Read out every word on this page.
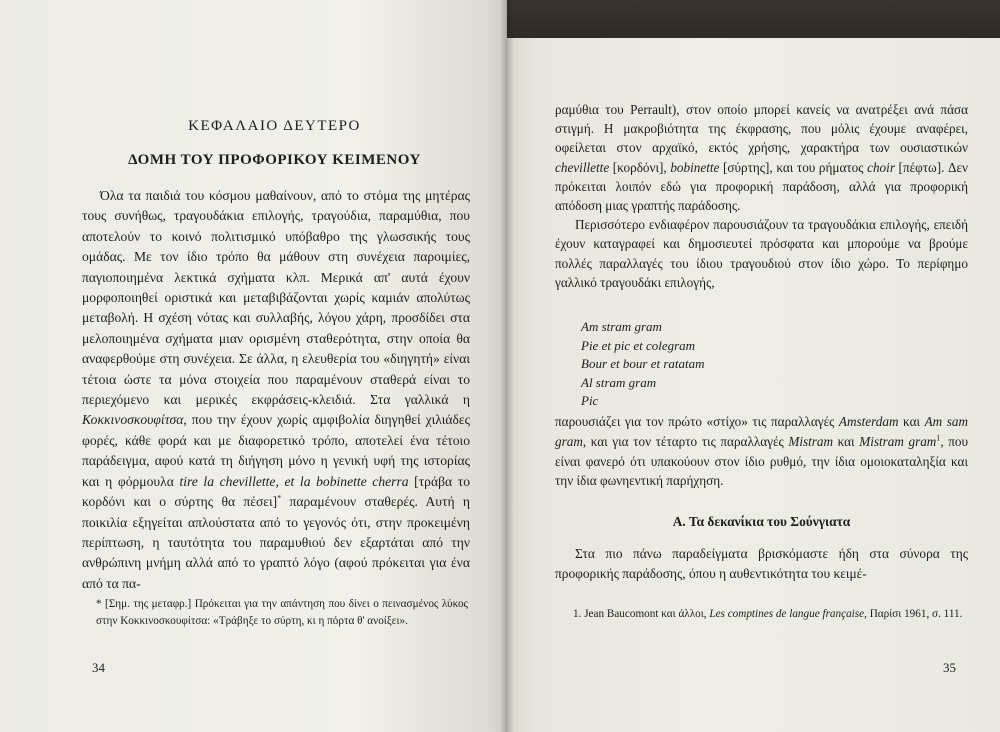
ΚΕΦΑΛΑΙΟ ΔΕΥΤΕΡΟ
ΔΟΜΗ ΤΟΥ ΠΡΟΦΟΡΙΚΟΥ ΚΕΙΜΕΝΟΥ

Όλα τα παιδιά του κόσμου μαθαίνουν, από το στόμα της μητέρας τους συνήθως, τραγουδάκια επιλογής, τραγούδια, παραμύθια, που αποτελούν το κοινό πολιτισμικό υπόβαθρο της γλωσσικής τους ομάδας. Με τον ίδιο τρόπο θα μάθουν στη συνέχεια παροιμίες, παγιοποιημένα λεκτικά σχήματα κλπ. Μερικά απ' αυτά έχουν μορφοποιηθεί οριστικά και μεταβιβάζονται χωρίς καμιάν απολύτως μεταβολή. Η σχέση νότας και συλλαβής, λόγου χάρη, προσδίδει στα μελοποιημένα σχήματα μιαν ορισμένη σταθερότητα, στην οποία θα αναφερθούμε στη συνέχεια. Σε άλλα, η ελευθερία του «διηγητή» είναι τέτοια ώστε τα μόνα στοιχεία που παραμένουν σταθερά είναι το περιεχόμενο και μερικές εκφράσεις-κλειδιά. Στα γαλλικά η Κοκκινοσκουφίτσα, που την έχουν χωρίς αμφιβολία διηγηθεί χιλιάδες φορές, κάθε φορά και με διαφορετικό τρόπο, αποτελεί ένα τέτοιο παράδειγμα, αφού κατά τη διήγηση μόνο η γενική υφή της ιστορίας και η φόρμουλα tire la chevillette, et la bobinette cherra [τράβα το κορδόνι και ο σύρτης θα πέσει]* παραμένουν σταθερές. Αυτή η ποικιλία εξηγείται απλούστατα από το γεγονός ότι, στην προκειμένη περίπτωση, η ταυτότητα του παραμυθιού δεν εξαρτάται από την ανθρώπινη μνήμη αλλά από το γραπτό λόγο (αφού πρόκειται για ένα από τα πα-

* [Σημ. της μεταφρ.] Πρόκειται για την απάντηση που δίνει ο πεινασμένος λύκος στην Κοκκινοσκουφίτσα: «Τράβηξε το σύρτη, κι η πόρτα θ' ανοίξει».
34

ραμύθια του Perrault), στον οποίο μπορεί κανείς να ανατρέξει ανά πάσα στιγμή. Η μακροβιότητα της έκφρασης, που μόλις έχουμε αναφέρει, οφείλεται στον αρχαϊκό, εκτός χρήσης, χαρακτήρα των ουσιαστικών chevillette [κορδόνι], bobinette [σύρτης], και του ρήματος choir [πέφτω]. Δεν πρόκειται λοιπόν εδώ για προφορική παράδοση, αλλά για προφορική απόδοση μιας γραπτής παράδοσης.

Περισσότερο ενδιαφέρον παρουσιάζουν τα τραγουδάκια επιλογής, επειδή έχουν καταγραφεί και δημοσιευτεί πρόσφατα και μπορούμε να βρούμε πολλές παραλλαγές του ίδιου τραγουδιού στον ίδιο χώρο. Το περίφημο γαλλικό τραγουδάκι επιλογής,

Am stram gram
Pie et pic et colegram
Bour et bour et ratatam
Al stram gram
Pic

παρουσιάζει για τον πρώτο «στίχο» τις παραλλαγές Amsterdam και Am sam gram, και για τον τέταρτο τις παραλλαγές Mistram και Mistram gram$^1$, που είναι φανερό ότι υπακούουν στον ίδιο ρυθμό, την ίδια ομοιοκαταληξία και την ίδια φωνηεντική παρήχηση.

Α. Τα δεκανίκια του Σούνγιατα

Στα πιο πάνω παραδείγματα βρισκόμαστε ήδη στα σύνορα της προφορικής παράδοσης, όπου η αυθεντικότητα του κειμέ-

1. Jean Baucomont και άλλοι, Les comptines de langue française, Παρίσι 1961, σ. 111.
35
